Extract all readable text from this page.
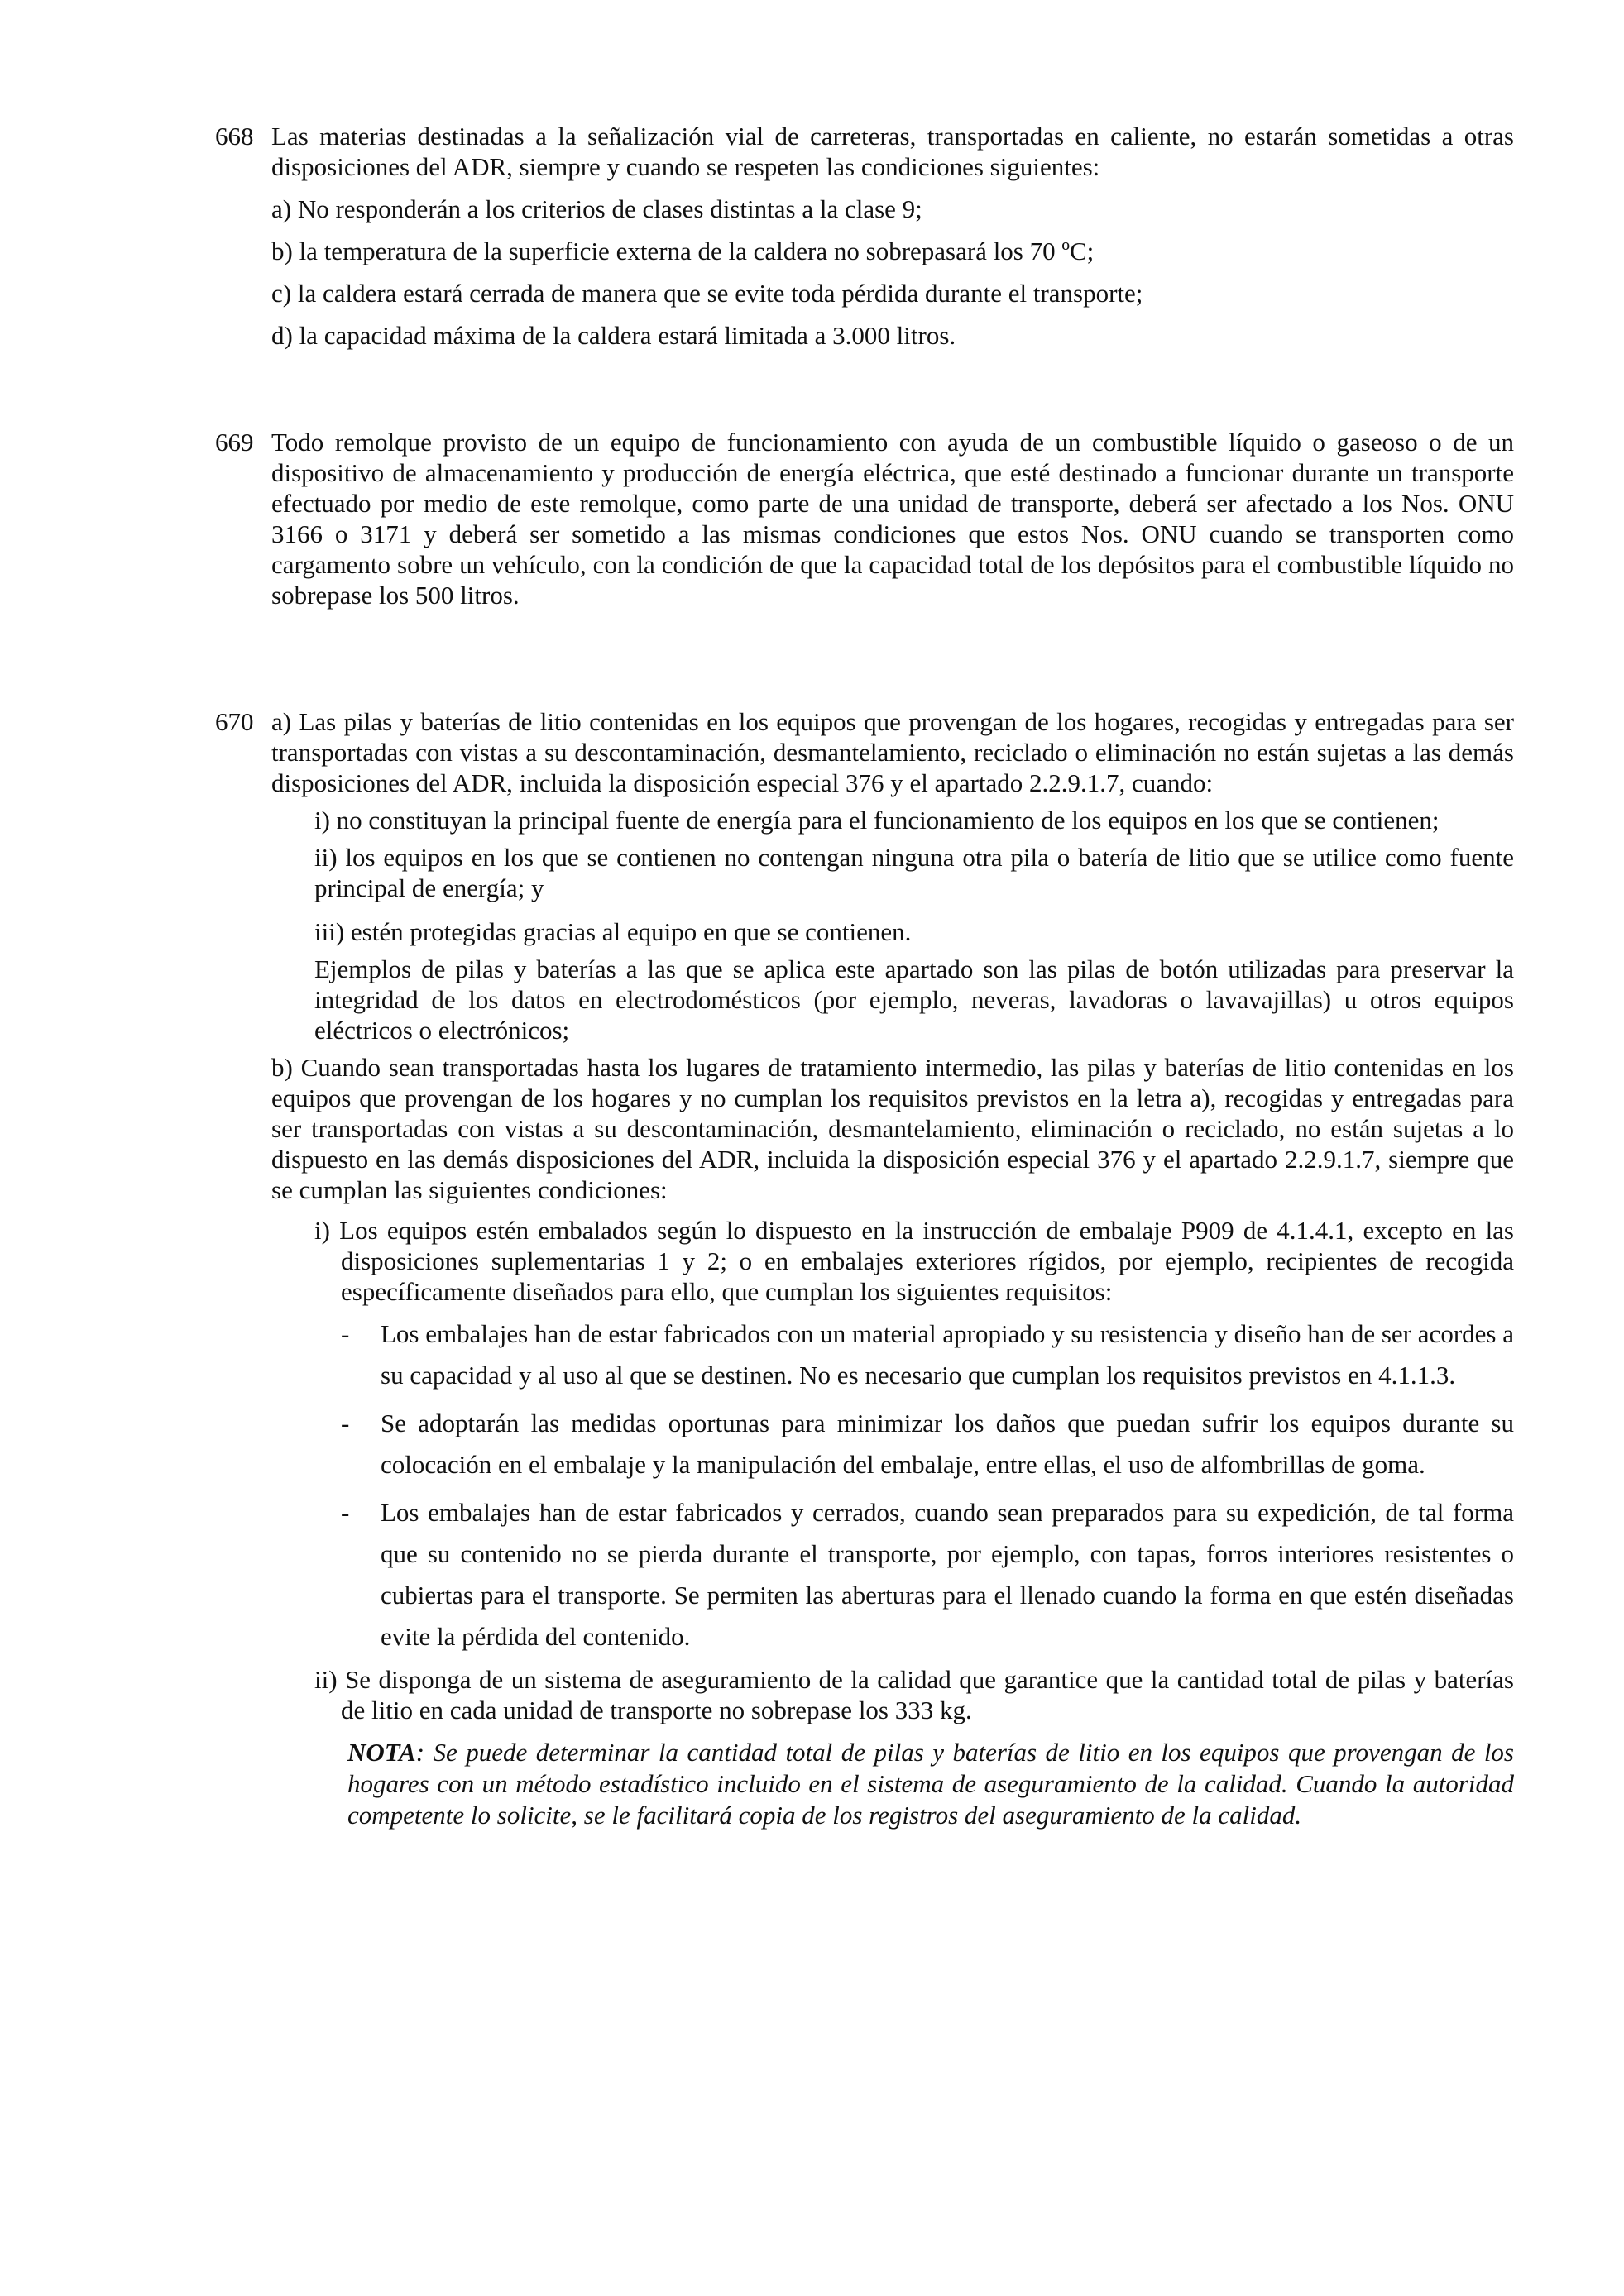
668 Las materias destinadas a la señalización vial de carreteras, transportadas en caliente, no estarán sometidas a otras disposiciones del ADR, siempre y cuando se respeten las condiciones siguientes:

a) No responderán a los criterios de clases distintas a la clase 9;

b) la temperatura de la superficie externa de la caldera no sobrepasará los 70 ºC;

c) la caldera estará cerrada de manera que se evite toda pérdida durante el transporte;

d) la capacidad máxima de la caldera estará limitada a 3.000 litros.

669 Todo remolque provisto de un equipo de funcionamiento con ayuda de un combustible líquido o gaseoso o de un dispositivo de almacenamiento y producción de energía eléctrica, que esté destinado a funcionar durante un transporte efectuado por medio de este remolque, como parte de una unidad de transporte, deberá ser afectado a los Nos. ONU 3166 o 3171 y deberá ser sometido a las mismas condiciones que estos Nos. ONU cuando se transporten como cargamento sobre un vehículo, con la condición de que la capacidad total de los depósitos para el combustible líquido no sobrepase los 500 litros.

670 a) Las pilas y baterías de litio contenidas en los equipos que provengan de los hogares, recogidas y entregadas para ser transportadas con vistas a su descontaminación, desmantelamiento, reciclado o eliminación no están sujetas a las demás disposiciones del ADR, incluida la disposición especial 376 y el apartado 2.2.9.1.7, cuando:

i) no constituyan la principal fuente de energía para el funcionamiento de los equipos en los que se contienen;

ii) los equipos en los que se contienen no contengan ninguna otra pila o batería de litio que se utilice como fuente principal de energía; y

iii) estén protegidas gracias al equipo en que se contienen.

Ejemplos de pilas y baterías a las que se aplica este apartado son las pilas de botón utilizadas para preservar la integridad de los datos en electrodomésticos (por ejemplo, neveras, lavadoras o lavavajillas) u otros equipos eléctricos o electrónicos;

b) Cuando sean transportadas hasta los lugares de tratamiento intermedio, las pilas y baterías de litio contenidas en los equipos que provengan de los hogares y no cumplan los requisitos previstos en la letra a), recogidas y entregadas para ser transportadas con vistas a su descontaminación, desmantelamiento, eliminación o reciclado, no están sujetas a lo dispuesto en las demás disposiciones del ADR, incluida la disposición especial 376 y el apartado 2.2.9.1.7, siempre que se cumplan las siguientes condiciones:

i) Los equipos estén embalados según lo dispuesto en la instrucción de embalaje P909 de 4.1.4.1, excepto en las disposiciones suplementarias 1 y 2; o en embalajes exteriores rígidos, por ejemplo, recipientes de recogida específicamente diseñados para ello, que cumplan los siguientes requisitos:

- Los embalajes han de estar fabricados con un material apropiado y su resistencia y diseño han de ser acordes a su capacidad y al uso al que se destinen. No es necesario que cumplan los requisitos previstos en 4.1.1.3.
- Se adoptarán las medidas oportunas para minimizar los daños que puedan sufrir los equipos durante su colocación en el embalaje y la manipulación del embalaje, entre ellas, el uso de alfombrillas de goma.
- Los embalajes han de estar fabricados y cerrados, cuando sean preparados para su expedición, de tal forma que su contenido no se pierda durante el transporte, por ejemplo, con tapas, forros interiores resistentes o cubiertas para el transporte. Se permiten las aberturas para el llenado cuando la forma en que estén diseñadas evite la pérdida del contenido.

ii) Se disponga de un sistema de aseguramiento de la calidad que garantice que la cantidad total de pilas y baterías de litio en cada unidad de transporte no sobrepase los 333 kg.

NOTA: Se puede determinar la cantidad total de pilas y baterías de litio en los equipos que provengan de los hogares con un método estadístico incluido en el sistema de aseguramiento de la calidad. Cuando la autoridad competente lo solicite, se le facilitará copia de los registros del aseguramiento de la calidad.
